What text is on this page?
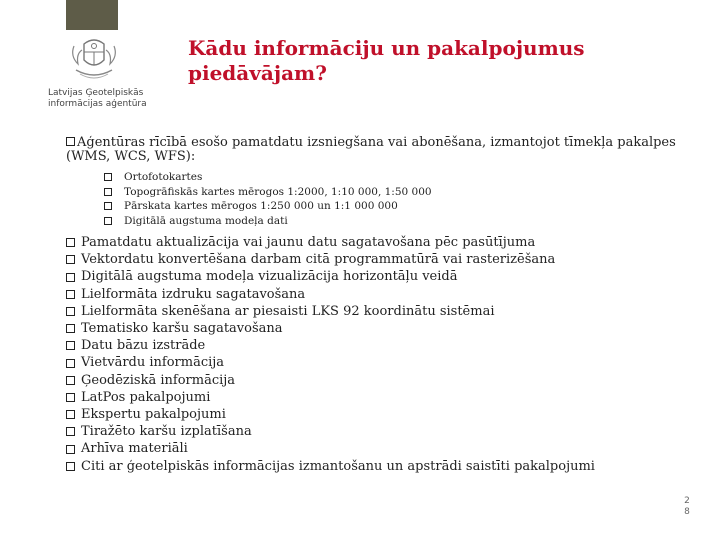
Latvijas Ģeotelpiskās
informācijas aģentūra
Kādu informāciju un pakalpojumus piedāvājam?

Aģentūras rīcībā esošo pamatdatu izsniegšana vai abonēšana, izmantojot tīmekļa pakalpes (WMS, WCS, WFS):

Ortofotokartes
Topogrāfiskās kartes mērogos 1:2000, 1:10 000, 1:50 000
Pārskata kartes mērogos 1:250 000 un 1:1 000 000
Digitālā augstuma modeļa dati
Pamatdatu aktualizācija vai jaunu datu sagatavošana pēc pasūtījuma
Vektordatu konvertēšana darbam citā programmatūrā vai rasterizēšana
Digitālā augstuma modeļa vizualizācija horizontāļu veidā
Lielformāta izdruku sagatavošana
Lielformāta skenēšana ar piesaisti LKS 92 koordinātu sistēmai
Tematisko karšu sagatavošana
Datu bāzu izstrāde
Vietvārdu informācija
Ģeodēziskā informācija
LatPos pakalpojumi
Ekspertu pakalpojumi
Tiražēto karšu izplatīšana
Arhīva materiāli
Citi ar ģeotelpiskās informācijas izmantošanu un apstrādi saistīti pakalpojumi
28
